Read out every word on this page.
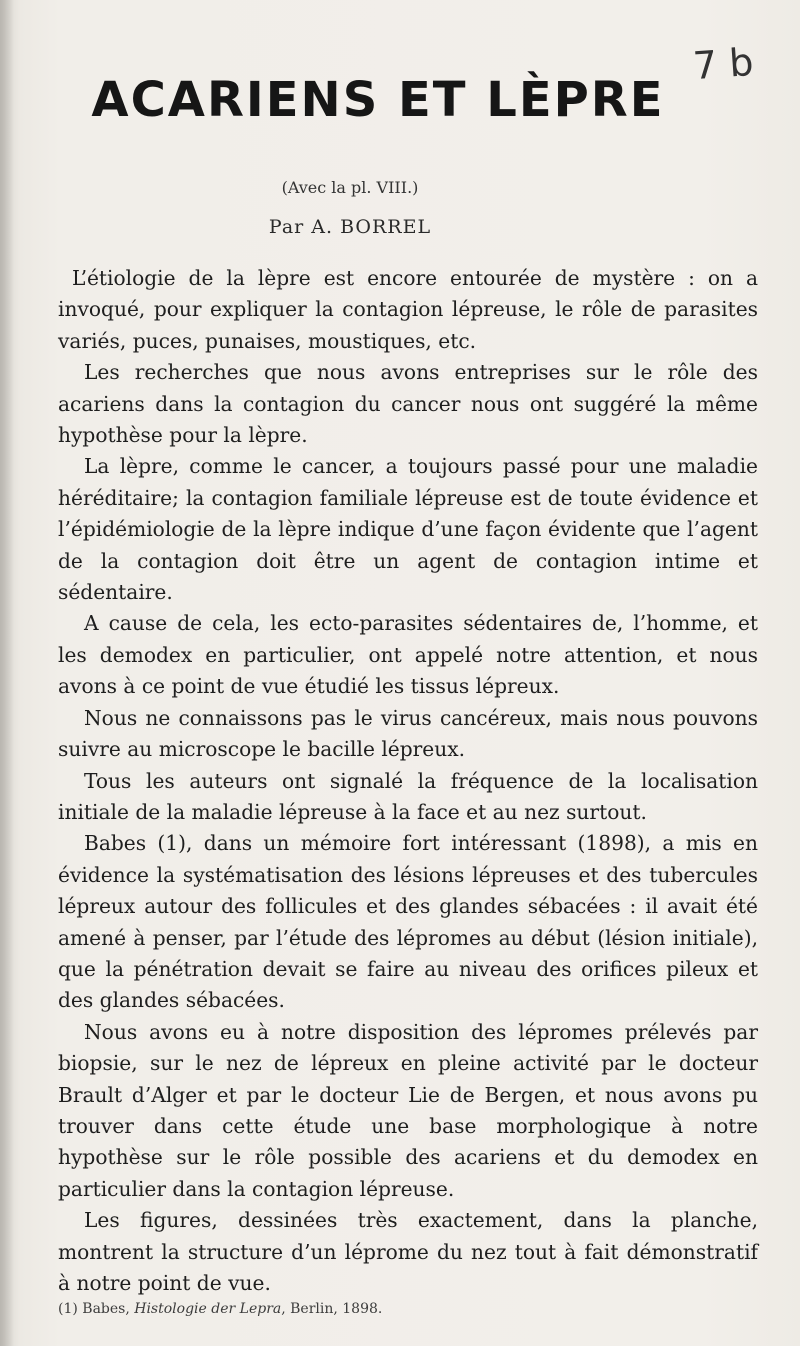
7 b
ACARIENS ET LÈPRE
(Avec la pl. VIII.)
Par A. BORREL

L’étiologie de la lèpre est encore entourée de mystère : on a invoqué, pour expliquer la contagion lépreuse, le rôle de parasites variés, puces, punaises, moustiques, etc.

Les recherches que nous avons entreprises sur le rôle des acariens dans la contagion du cancer nous ont suggéré la même hypothèse pour la lèpre.

La lèpre, comme le cancer, a toujours passé pour une maladie héréditaire; la contagion familiale lépreuse est de toute évidence et l’épidémiologie de la lèpre indique d’une façon évidente que l’agent de la contagion doit être un agent de contagion intime et sédentaire.

A cause de cela, les ecto-parasites sédentaires de, l’homme, et les demodex en particulier, ont appelé notre attention, et nous avons à ce point de vue étudié les tissus lépreux.

Nous ne connaissons pas le virus cancéreux, mais nous pouvons suivre au microscope le bacille lépreux.

Tous les auteurs ont signalé la fréquence de la localisation initiale de la maladie lépreuse à la face et au nez surtout.

Babes (1), dans un mémoire fort intéressant (1898), a mis en évidence la systématisation des lésions lépreuses et des tubercules lépreux autour des follicules et des glandes sébacées : il avait été amené à penser, par l’étude des lépromes au début (lésion initiale), que la pénétration devait se faire au niveau des orifices pileux et des glandes sébacées.

Nous avons eu à notre disposition des lépromes prélevés par biopsie, sur le nez de lépreux en pleine activité par le docteur Brault d’Alger et par le docteur Lie de Bergen, et nous avons pu trouver dans cette étude une base morphologique à notre hypothèse sur le rôle possible des acariens et du demodex en particulier dans la contagion lépreuse.

Les figures, dessinées très exactement, dans la planche, montrent la structure d’un léprome du nez tout à fait démonstratif à notre point de vue.

(1) Babes, Histologie der Lepra, Berlin, 1898.
